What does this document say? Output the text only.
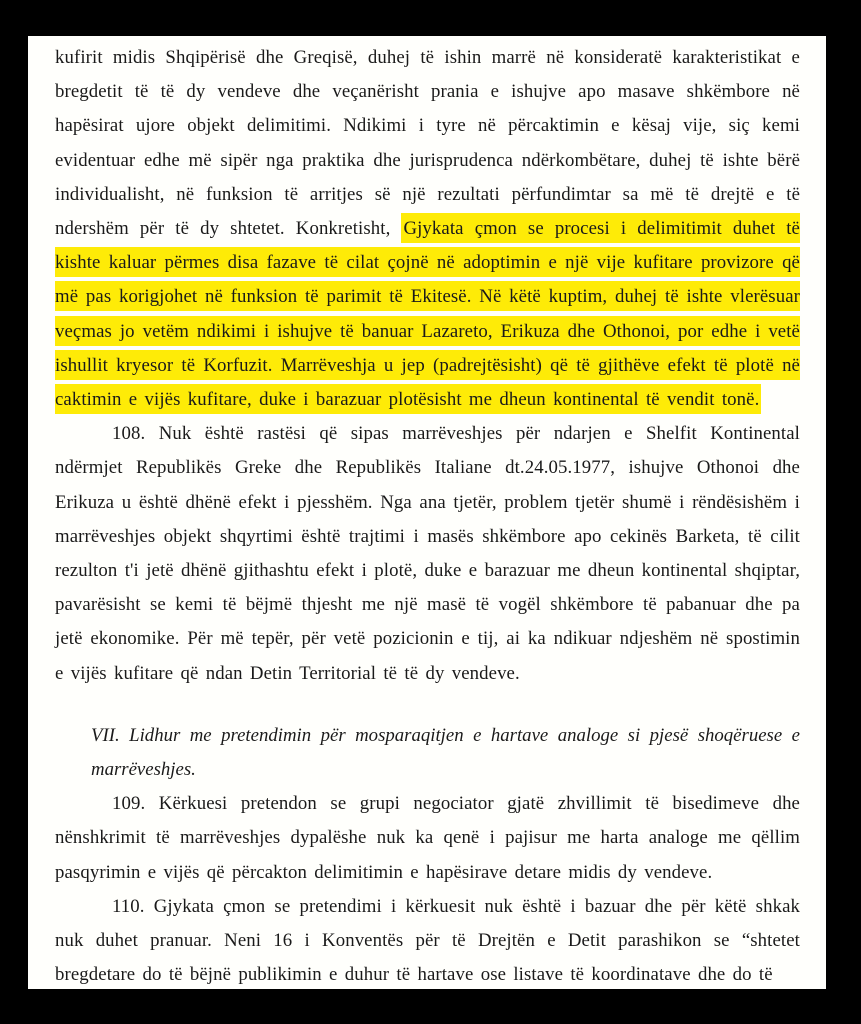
kufirit midis Shqipërisë dhe Greqisë, duhej të ishin marrë në konsideratë karakteristikat e bregdetit të të dy vendeve dhe veçanërisht prania e ishujve apo masave shkëmbore në hapësirat ujore objekt delimitimi. Ndikimi i tyre në përcaktimin e kësaj vije, siç kemi evidentuar edhe më sipër nga praktika dhe jurisprudenca ndërkombëtare, duhej të ishte bërë individualisht, në funksion të arritjes së një rezultati përfundimtar sa më të drejtë e të ndershëm për të dy shtetet. Konkretisht, Gjykata çmon se procesi i delimitimit duhet të kishte kaluar përmes disa fazave të cilat çojnë në adoptimin e një vije kufitare provizore që më pas korigjohet në funksion të parimit të Ekitesë. Në këtë kuptim, duhej të ishte vlerësuar veçmas jo vetëm ndikimi i ishujve të banuar Lazareto, Erikuza dhe Othonoi, por edhe i vetë ishullit kryesor të Korfuzit. Marrëveshja u jep (padrejtësisht) që të gjithëve efekt të plotë në caktimin e vijës kufitare, duke i barazuar plotësisht me dheun kontinental të vendit tonë.

108. Nuk është rastësi që sipas marrëveshjes për ndarjen e Shelfit Kontinental ndërmjet Republikës Greke dhe Republikës Italiane dt.24.05.1977, ishujve Othonoi dhe Erikuza u është dhënë efekt i pjesshëm. Nga ana tjetër, problem tjetër shumë i rëndësishëm i marrëveshjes objekt shqyrtimi është trajtimi i masës shkëmbore apo cekinës Barketa, të cilit rezulton t'i jetë dhënë gjithashtu efekt i plotë, duke e barazuar me dheun kontinental shqiptar, pavarësisht se kemi të bëjmë thjesht me një masë të vogël shkëmbore të pabanuar dhe pa jetë ekonomike. Për më tepër, për vetë pozicionin e tij, ai ka ndikuar ndjeshëm në spostimin e vijës kufitare që ndan Detin Territorial të të dy vendeve.

VII. Lidhur me pretendimin për mosparaqitjen e hartave analoge si pjesë shoqëruese e marrëveshjes.

109. Kërkuesi pretendon se grupi negociator gjatë zhvillimit të bisedimeve dhe nënshkrimit të marrëveshjes dypalëshe nuk ka qenë i pajisur me harta analoge me qëllim pasqyrimin e vijës që përcakton delimitimin e hapësirave detare midis dy vendeve.

110. Gjykata çmon se pretendimi i kërkuesit nuk është i bazuar dhe për këtë shkak nuk duhet pranuar. Neni 16 i Konventës për të Drejtën e Detit parashikon se “shtetet bregdetare do të bëjnë publikimin e duhur të hartave ose listave të koordinatave dhe do të
